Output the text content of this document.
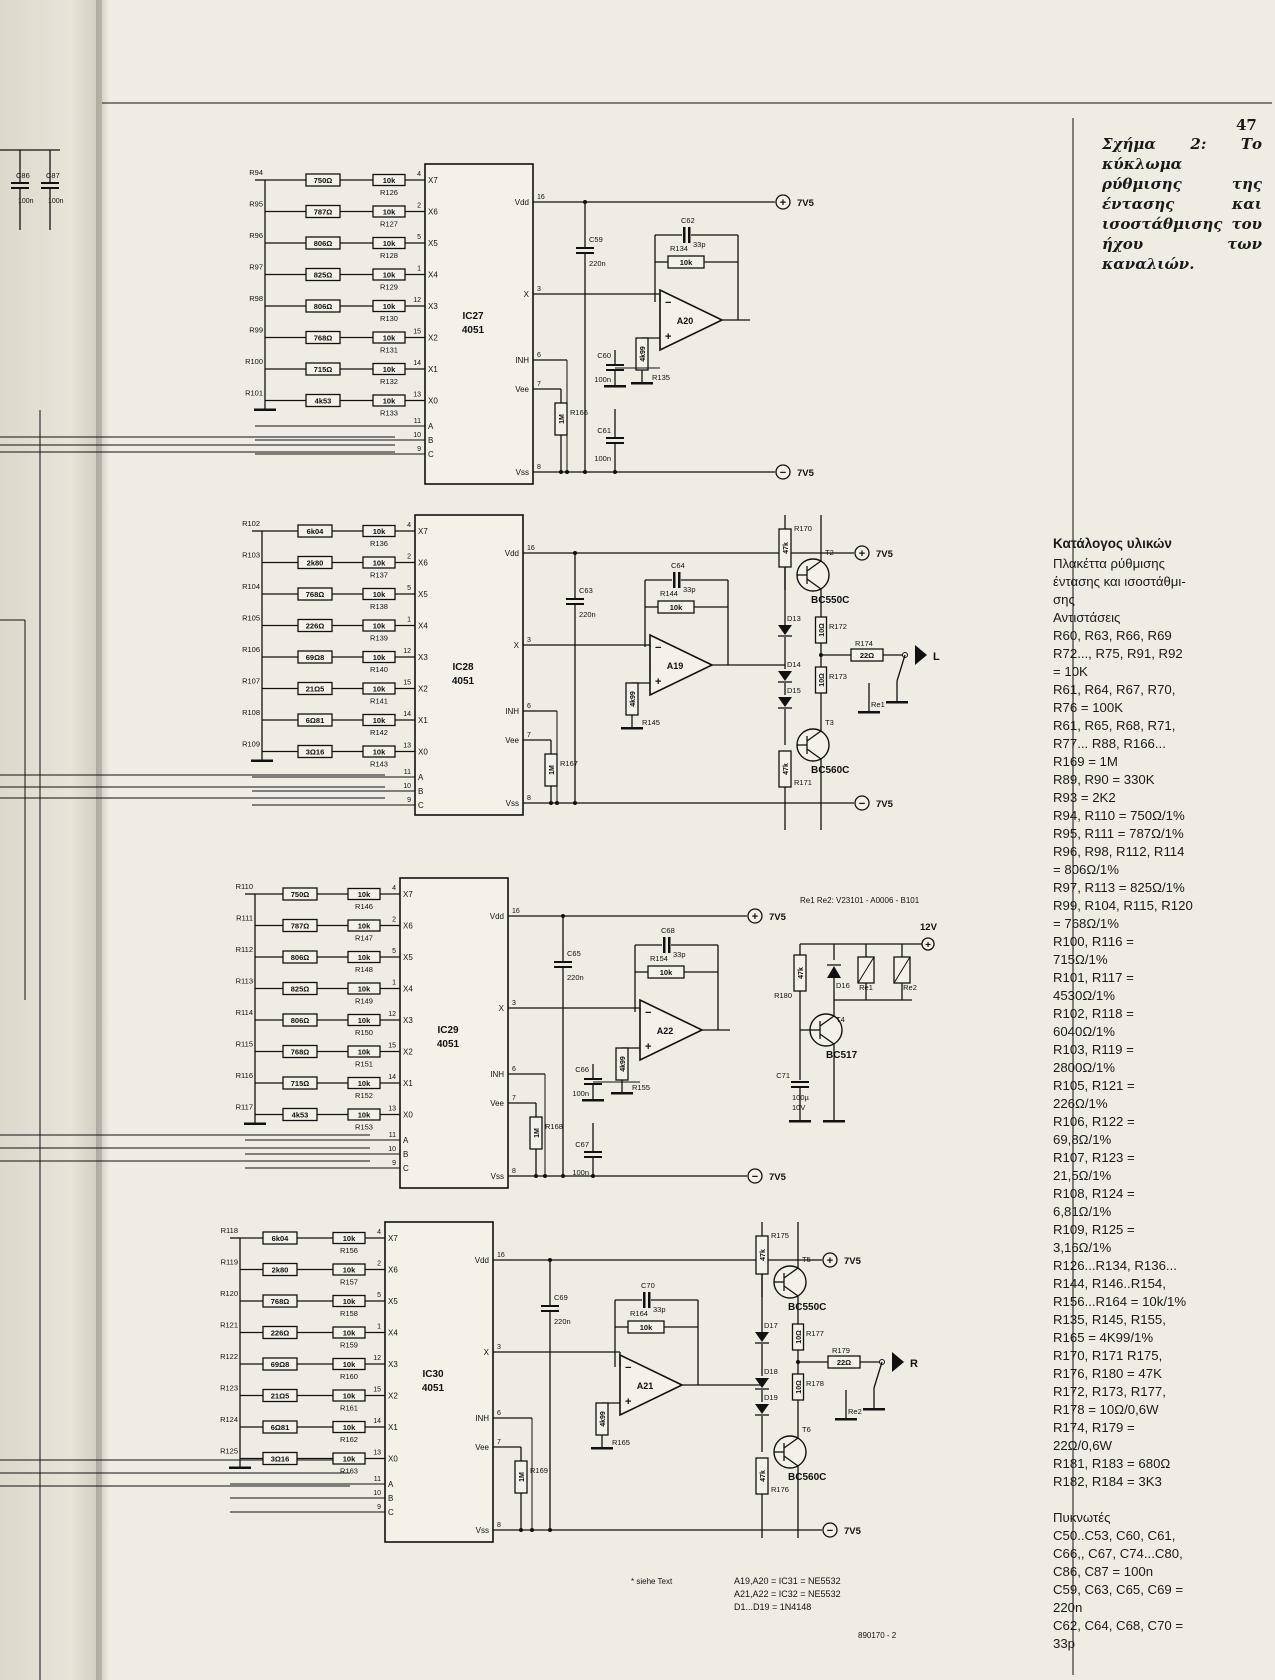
C86
100n
C87
100n
IC27
4051
R94
750Ω	10k
R126
4
X7
R95
787Ω	10k
R127
2
X6
R96
806Ω	10k
R128
5
X5
R97
825Ω	10k
R129
1
X4
R98
806Ω	10k
R130
12
X3
R99
768Ω	10k
R131
15
X2
R100
715Ω	10k
R132
14
X1
R101
4k53	10k
R133
13
X0
11
A
10
B
9
C
Vdd
16
X
3
INH
6
Vee
7
Vss
8
+ 7V5
− 7V5
C59
220n
1M
R166
A20
−
+
C62
33p
10k
R134
4k99
R135
C60
100n
C61
100n
IC28
4051
R102
6k04	10k
R136
4
X7
R103
2k80	10k
R137
2
X6
R104
768Ω	10k
R138
5
X5
R105
226Ω	10k
R139
1
X4
R106
69Ω8	10k
R140
12
X3
R107
21Ω5	10k
R141
15
X2
R108
6Ω81	10k
R142
14
X1
R109
3Ω16	10k
R143
13
X0
11
A
10
B
9
C
Vdd
16
X
3
INH
6
Vee
7
Vss
8
+ 7V5
− 7V5
C63
220n
1M
R167
A19
−
+
C64
33p
10k
R144
4k99
R145
IC29
4051
R110
750Ω	10k
R146
4
X7
R111
787Ω	10k
R147
2
X6
R112
806Ω	10k
R148
5
X5
R113
825Ω	10k
R149
1
X4
R114
806Ω	10k
R150
12
X3
R115
768Ω	10k
R151
15
X2
R116
715Ω	10k
R152
14
X1
R117
4k53	10k
R153
13
X0
11
A
10
B
9
C
Vdd
16
X
3
INH
6
Vee
7
Vss
8
+ 7V5
− 7V5
C65
220n
1M
R168
A22
−
+
C68
33p
10k
R154
4k99
R155
C66
100n
C67
100n
IC30
4051
R118
6k04	10k
R156
4
X7
R119
2k80	10k
R157
2
X6
R120
768Ω	10k
R158
5
X5
R121
226Ω	10k
R159
1
X4
R122
69Ω8	10k
R160
12
X3
R123
21Ω5	10k
R161
15
X2
R124
6Ω81	10k
R162
14
X1
R125
3Ω16	10k
R163
13
X0
11
A
10
B
9
C
Vdd
16
X
3
INH
6
Vee
7
Vss
8
+ 7V5
− 7V5
C69
220n
1M
R169
A21
−
+
C70
33p
10k
R164
4k99
R165
47k
R170
T2
BC550C
D13
D14
D15
10Ω R172
10Ω R173
22Ω
R174
L
Re1
T3
BC560C
47k
R171
47k
R175
T5
BC550C
D17
D18
D19
10Ω R177
10Ω R178
22Ω
R179
R
Re2
T6
BC560C
47k
R176
12V
+
47k
R180
T4
BC517
D16 Re1	Re2
C71
100µ
10V
* siehe Text	A19,A20 = IC31 = NE5532
A21,A22 = IC32 = NE5532
D1...D19 = 1N4148
890170 - 2
Re1 Re2: V23101 - A0006 - B101
47
Σχήμα 2: Το κύκλωμα ρύθμισης της έντασης και ισοστάθμισης του ήχου των καναλιών.
Κατάλογος υλικών
Πλακέττα ρύθμισης
έντασης και ισοστάθμι-
σης
Αντιστάσεις
R60, R63, R66, R69
R72..., R75, R91, R92
= 10K
R61, R64, R67, R70,
R76 = 100K
R61, R65, R68, R71,
R77... R88, R166...
R169 = 1M
R89, R90 = 330K
R93 = 2K2
R94, R110 = 750Ω/1%
R95, R111 = 787Ω/1%
R96, R98, R112, R114
= 806Ω/1%
R97, R113 = 825Ω/1%
R99, R104, R115, R120
= 768Ω/1%
R100, R116 =
715Ω/1%
R101, R117 =
4530Ω/1%
R102, R118 =
6040Ω/1%
R103, R119 =
2800Ω/1%
R105, R121 =
226Ω/1%
R106, R122 =
69,8Ω/1%
R107, R123 =
21,5Ω/1%
R108, R124 =
6,81Ω/1%
R109, R125 =
3,16Ω/1%
R126...R134, R136...
R144, R146..R154,
R156...R164 = 10k/1%
R135, R145, R155,
R165 = 4K99/1%
R170, R171 R175,
R176, R180 = 47K
R172, R173, R177,
R178 = 10Ω/0,6W
R174, R179 =
22Ω/0,6W
R181, R183 = 680Ω
R182, R184 = 3K3

Πυκνωτές
C50..C53, C60, C61,
C66,, C67, C74...C80,
C86, C87 = 100n
C59, C63, C65, C69 =
220n
C62, C64, C68, C70 =
33p
